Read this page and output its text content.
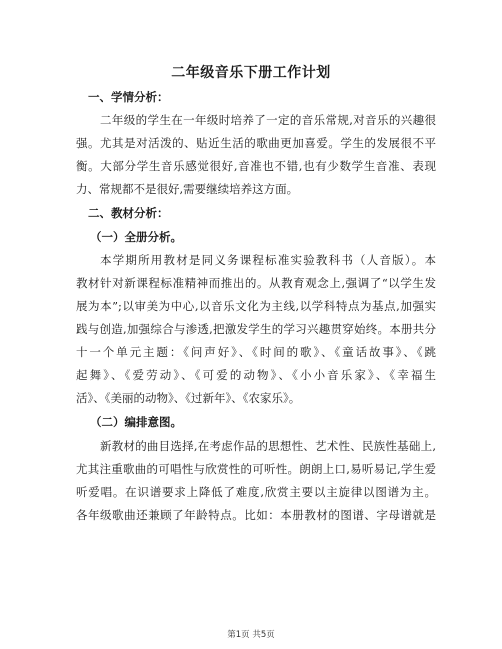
二年级音乐下册工作计划
一、学情分析：
二年级的学生在一年级时培养了一定的音乐常规,对音乐的兴趣很
强。尤其是对活泼的、贴近生活的歌曲更加喜爱。学生的发展很不平
衡。大部分学生音乐感觉很好,音准也不错,也有少数学生音准、表现
力、常规都不是很好,需要继续培养这方面。
二、教材分析：
（一）全册分析。
本学期所用教材是同义务课程标准实验教科书（人音版）。本
教材针对新课程标准精神而推出的。从教育观念上,强调了“以学生发
展为本”;以审美为中心,以音乐文化为主线,以学科特点为基点,加强实
践与创造,加强综合与渗透,把激发学生的学习兴趣贯穿始终。本册共分
十一个单元主题：《问声好》、《时间的歌》、《童话故事》、《跳
起舞》、《爱劳动》、《可爱的动物》、《小小音乐家》、《幸福生
活》、《美丽的动物》、《过新年》、《农家乐》。
（二）编排意图。
新教材的曲目选择,在考虑作品的思想性、艺术性、民族性基础上,
尤其注重歌曲的可唱性与欣赏性的可听性。朗朗上口,易听易记,学生爱
听爱唱。在识谱要求上降低了难度,欣赏主要以主旋律以图谱为主。
各年级歌曲还兼顾了年龄特点。比如：本册教材的图谱、字母谱就是
第1页 共5页
